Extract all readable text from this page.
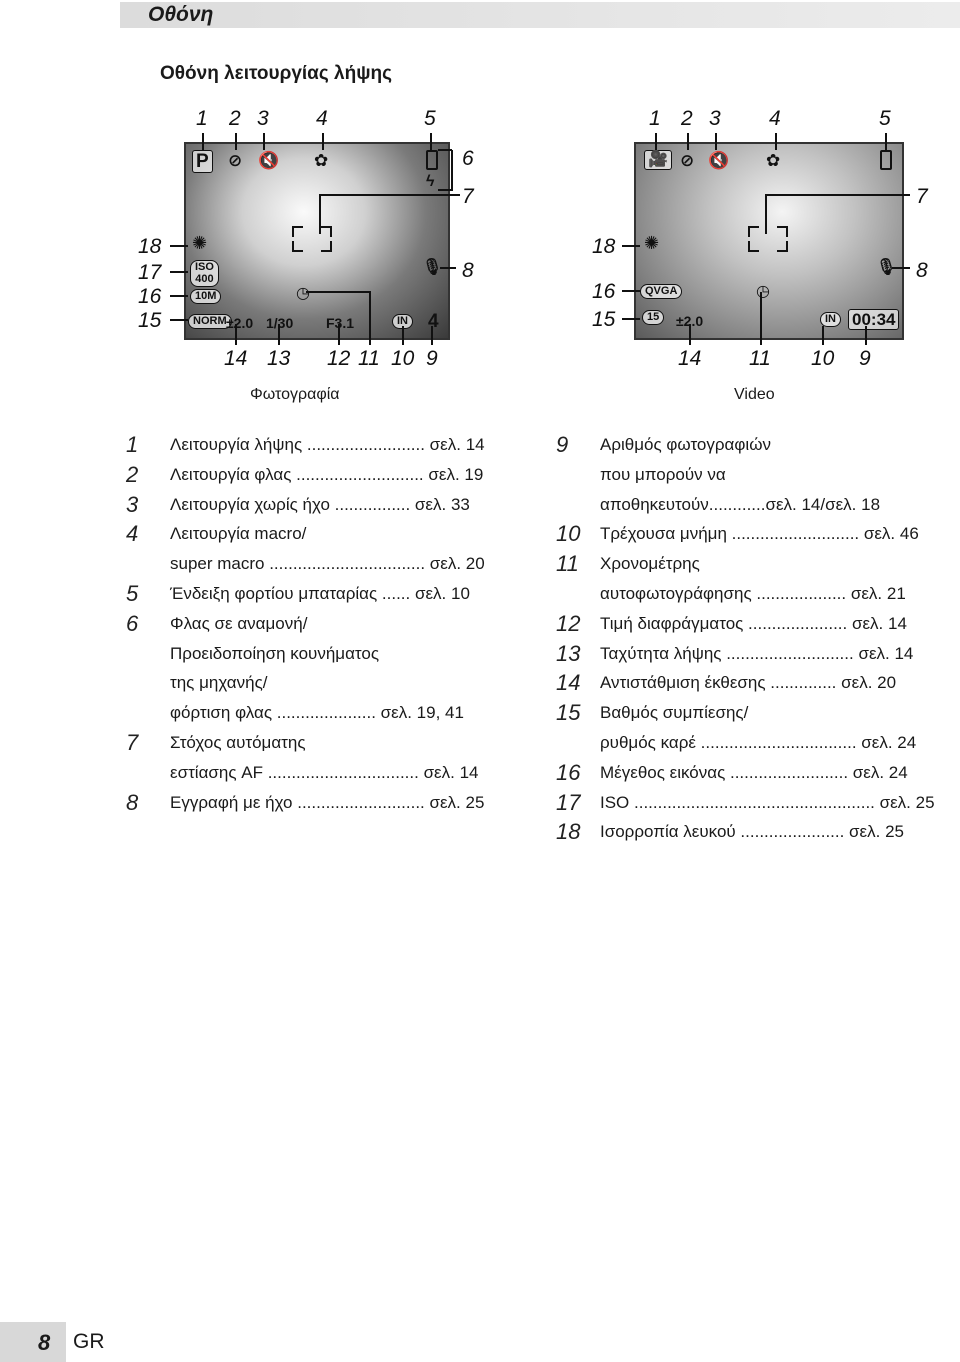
Οθόνη
Οθόνη λειτουργίας λήψης
P ⊘ 🔇 ✿
ϟ
✺
ISO
400
10M
NORM ±2.0 1/30 F3.1	IN 4
🎙
◷
🎥 ⊘ 🔇 ✿
✺
QVGA
15	±2.0	IN 00:34
🎙
◷
1 2 3 4	5
6
7
8
18
17
16
15
14 13 12 11 10 9
Φωτογραφία
1 2 3 4	5
7
8
18
16
15
14 11 10 9
Video
1	Λειτουργία λήψης ......................... σελ. 14
2	Λειτουργία φλας ........................... σελ. 19
3	Λειτουργία χωρίς ήχο ................ σελ. 33
4	Λειτουργία macro/
super macro ................................. σελ. 20
5	Ένδειξη φορτίου μπαταρίας ...... σελ. 10
6	Φλας σε αναμονή/
Προειδοποίηση κουνήματος
της μηχανής/
φόρτιση φλας ..................... σελ. 19, 41
7	Στόχος αυτόματης
εστίασης AF ................................ σελ. 14
8	Εγγραφή με ήχο ........................... σελ. 25
9	Αριθμός φωτογραφιών
που μπορούν να
αποθηκευτούν............σελ. 14/σελ. 18
10	Τρέχουσα μνήμη ........................... σελ. 46
11	Χρονομέτρης
αυτοφωτογράφησης ................... σελ. 21
12	Τιμή διαφράγματος ..................... σελ. 14
13	Ταχύτητα λήψης ........................... σελ. 14
14	Αντιστάθμιση έκθεσης .............. σελ. 20
15	Βαθμός συμπίεσης/
ρυθμός καρέ ................................. σελ. 24
16	Μέγεθος εικόνας ......................... σελ. 24
17	ISO ................................................... σελ. 25
18	Ισορροπία λευκού ...................... σελ. 25
8 GR
